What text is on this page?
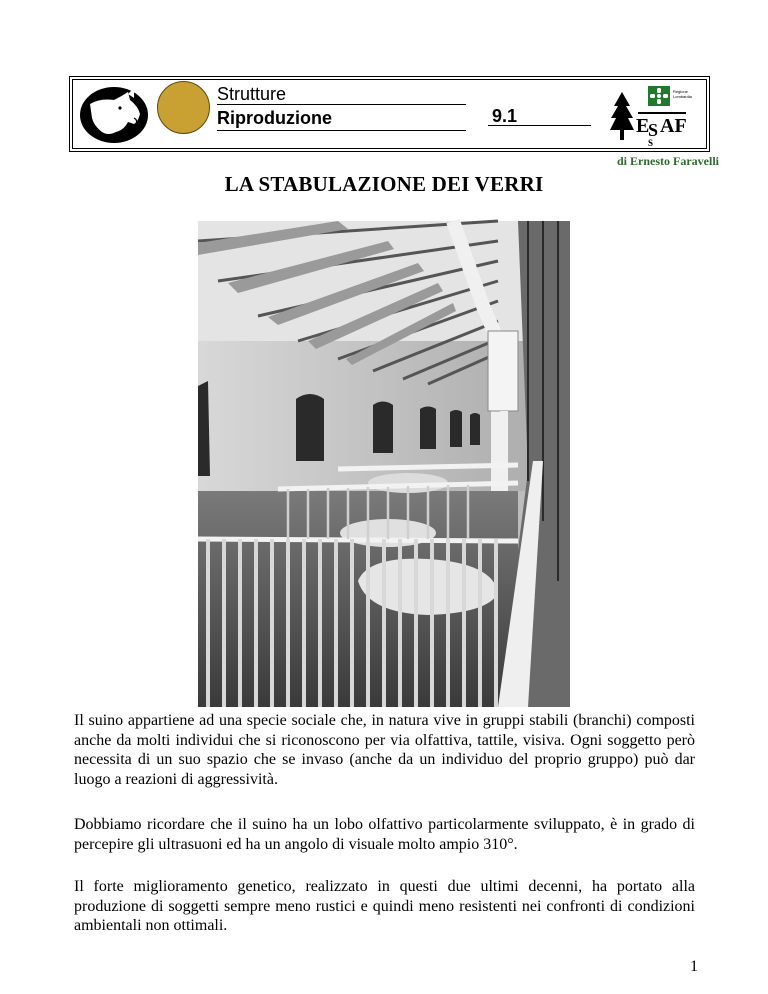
Strutture
Riproduzione	9.1
Regione
Lombardia
E
S AF
S
di Ernesto Faravelli
LA STABULAZIONE DEI VERRI

Il suino appartiene ad una specie sociale che, in natura vive in gruppi stabili (branchi) composti anche da molti individui che si riconoscono per via olfattiva, tattile, visiva. Ogni soggetto però necessita di un suo spazio che se invaso (anche da un individuo del proprio gruppo) può dar luogo a reazioni di aggressività.

Dobbiamo ricordare che il suino ha un lobo olfattivo particolarmente sviluppato, è in grado di percepire gli ultrasuoni ed ha un angolo di visuale molto ampio 310°.

Il forte miglioramento genetico, realizzato in questi due ultimi decenni, ha portato alla produzione di soggetti sempre meno rustici e quindi meno resistenti nei confronti di condizioni ambientali non ottimali.

1
